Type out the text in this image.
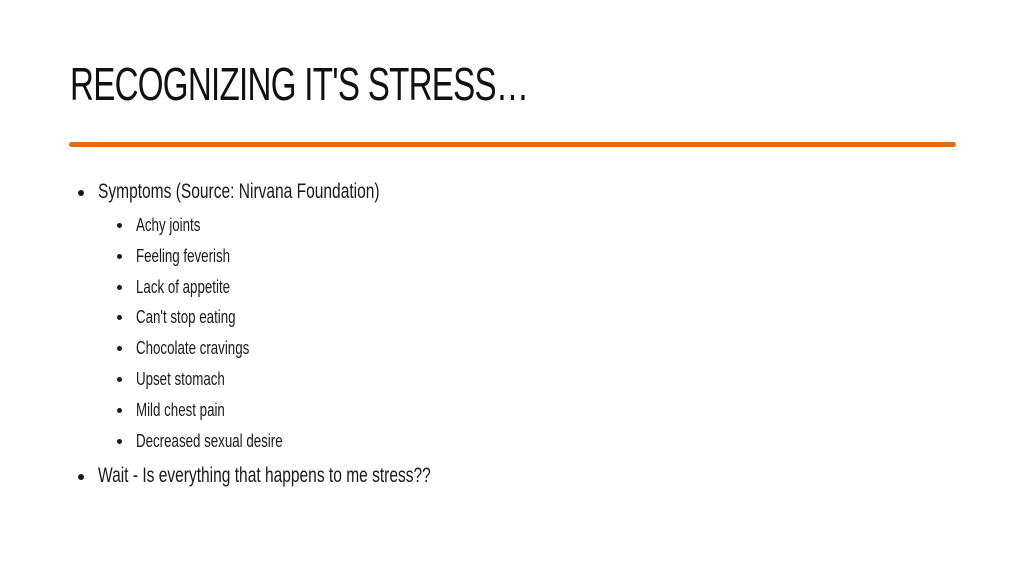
RECOGNIZING IT'S STRESS…
Symptoms (Source: Nirvana Foundation)
Achy joints
Feeling feverish
Lack of appetite
Can't stop eating
Chocolate cravings
Upset stomach
Mild chest pain
Decreased sexual desire
Wait - Is everything that happens to me stress??
